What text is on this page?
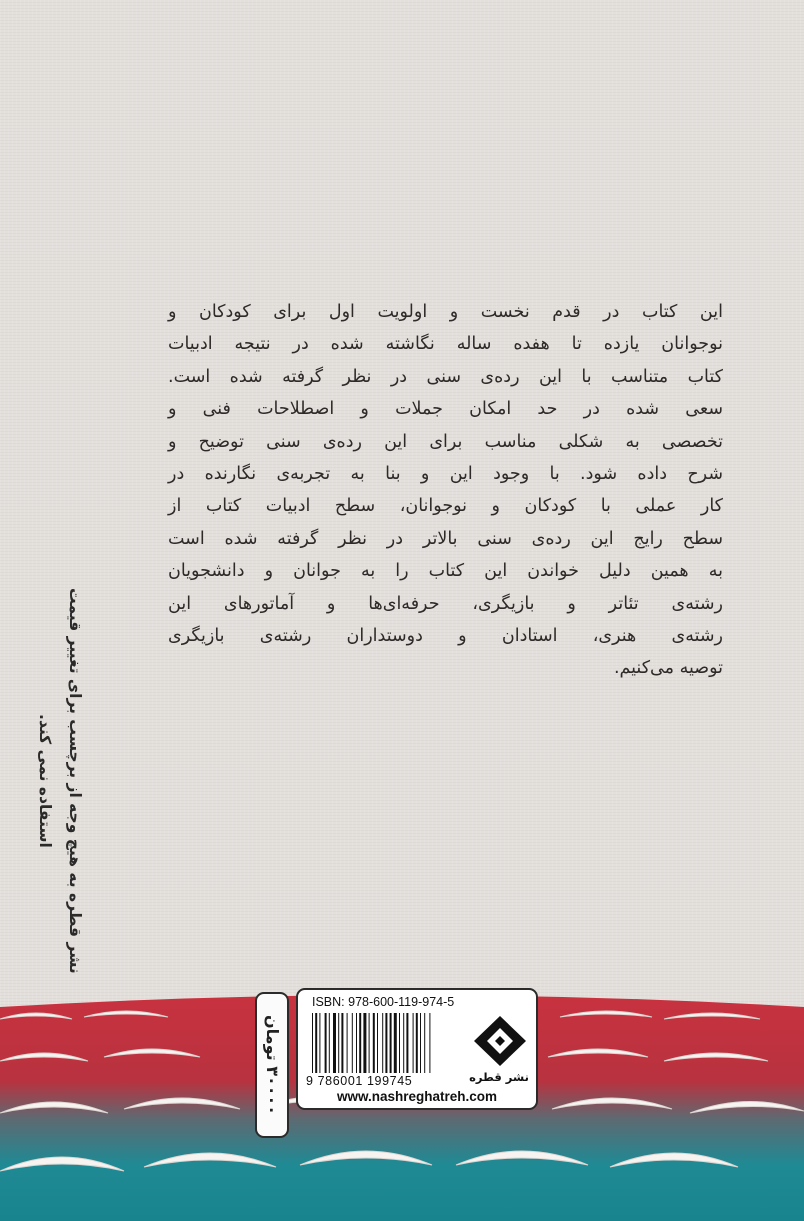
این کتاب در قدم نخست و اولویت اول برای کودکان و
نوجوانان یازده تا هفده ساله نگاشته شده در نتیجه ادبیات
کتاب متناسب با این رده‌ی سنی در نظر گرفته شده است.
سعی شده در حد امکان جملات و اصطلاحات فنی و
تخصصی به شکلی مناسب برای این رده‌ی سنی توضیح و
شرح داده شود. با وجود این و بنا به تجربه‌ی نگارنده در
کار عملی با کودکان و نوجوانان، سطح ادبیات کتاب از
سطح رایج این رده‌ی سنی بالاتر در نظر گرفته شده است
به همین دلیل خواندن این کتاب را به جوانان و دانشجویان
رشته‌ی تئاتر و بازیگری، حرفه‌ای‌ها و آماتورهای این
رشته‌ی هنری، استادان و دوستداران رشته‌ی بازیگری
توصیه می‌کنیم.
نشر قطره به هیچ وجه از برچسب برای تغییر قیمت استفاده نمی کند.
۳۰۰۰۰ تومان
ISBN: 978-600-119-974-5
9 786001 199745	نشر قطره
www.nashreghatreh.com
